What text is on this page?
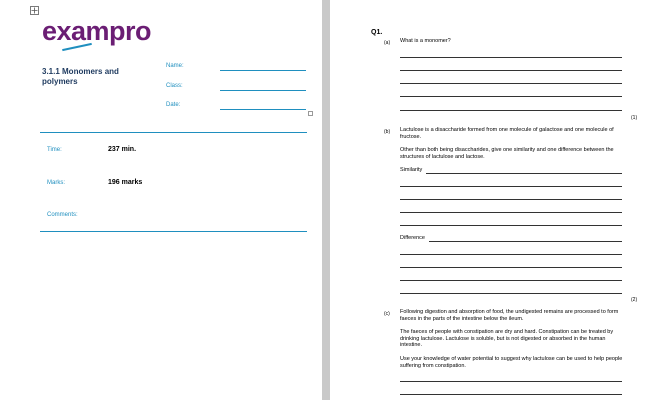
exampro
3.1.1 Monomers and polymers
Name:
Class:
Date:
Time:	237 min.
Marks:	196 marks
Comments:
Q1.
(a) What is a monomer?
(1)
(b) Lactulose is a disaccharide formed from one molecule of galactose and one molecule of fructose.
Other than both being disaccharides, give one similarity and one difference between the structures of lactulose and lactose.
Similarity
Difference
(2)
(c) Following digestion and absorption of food, the undigested remains are processed to form faeces in the parts of the intestine below the ileum.
The faeces of people with constipation are dry and hard. Constipation can be treated by drinking lactulose. Lactulose is soluble, but is not digested or absorbed in the human intestine.
Use your knowledge of water potential to suggest why lactulose can be used to help people suffering from constipation.
